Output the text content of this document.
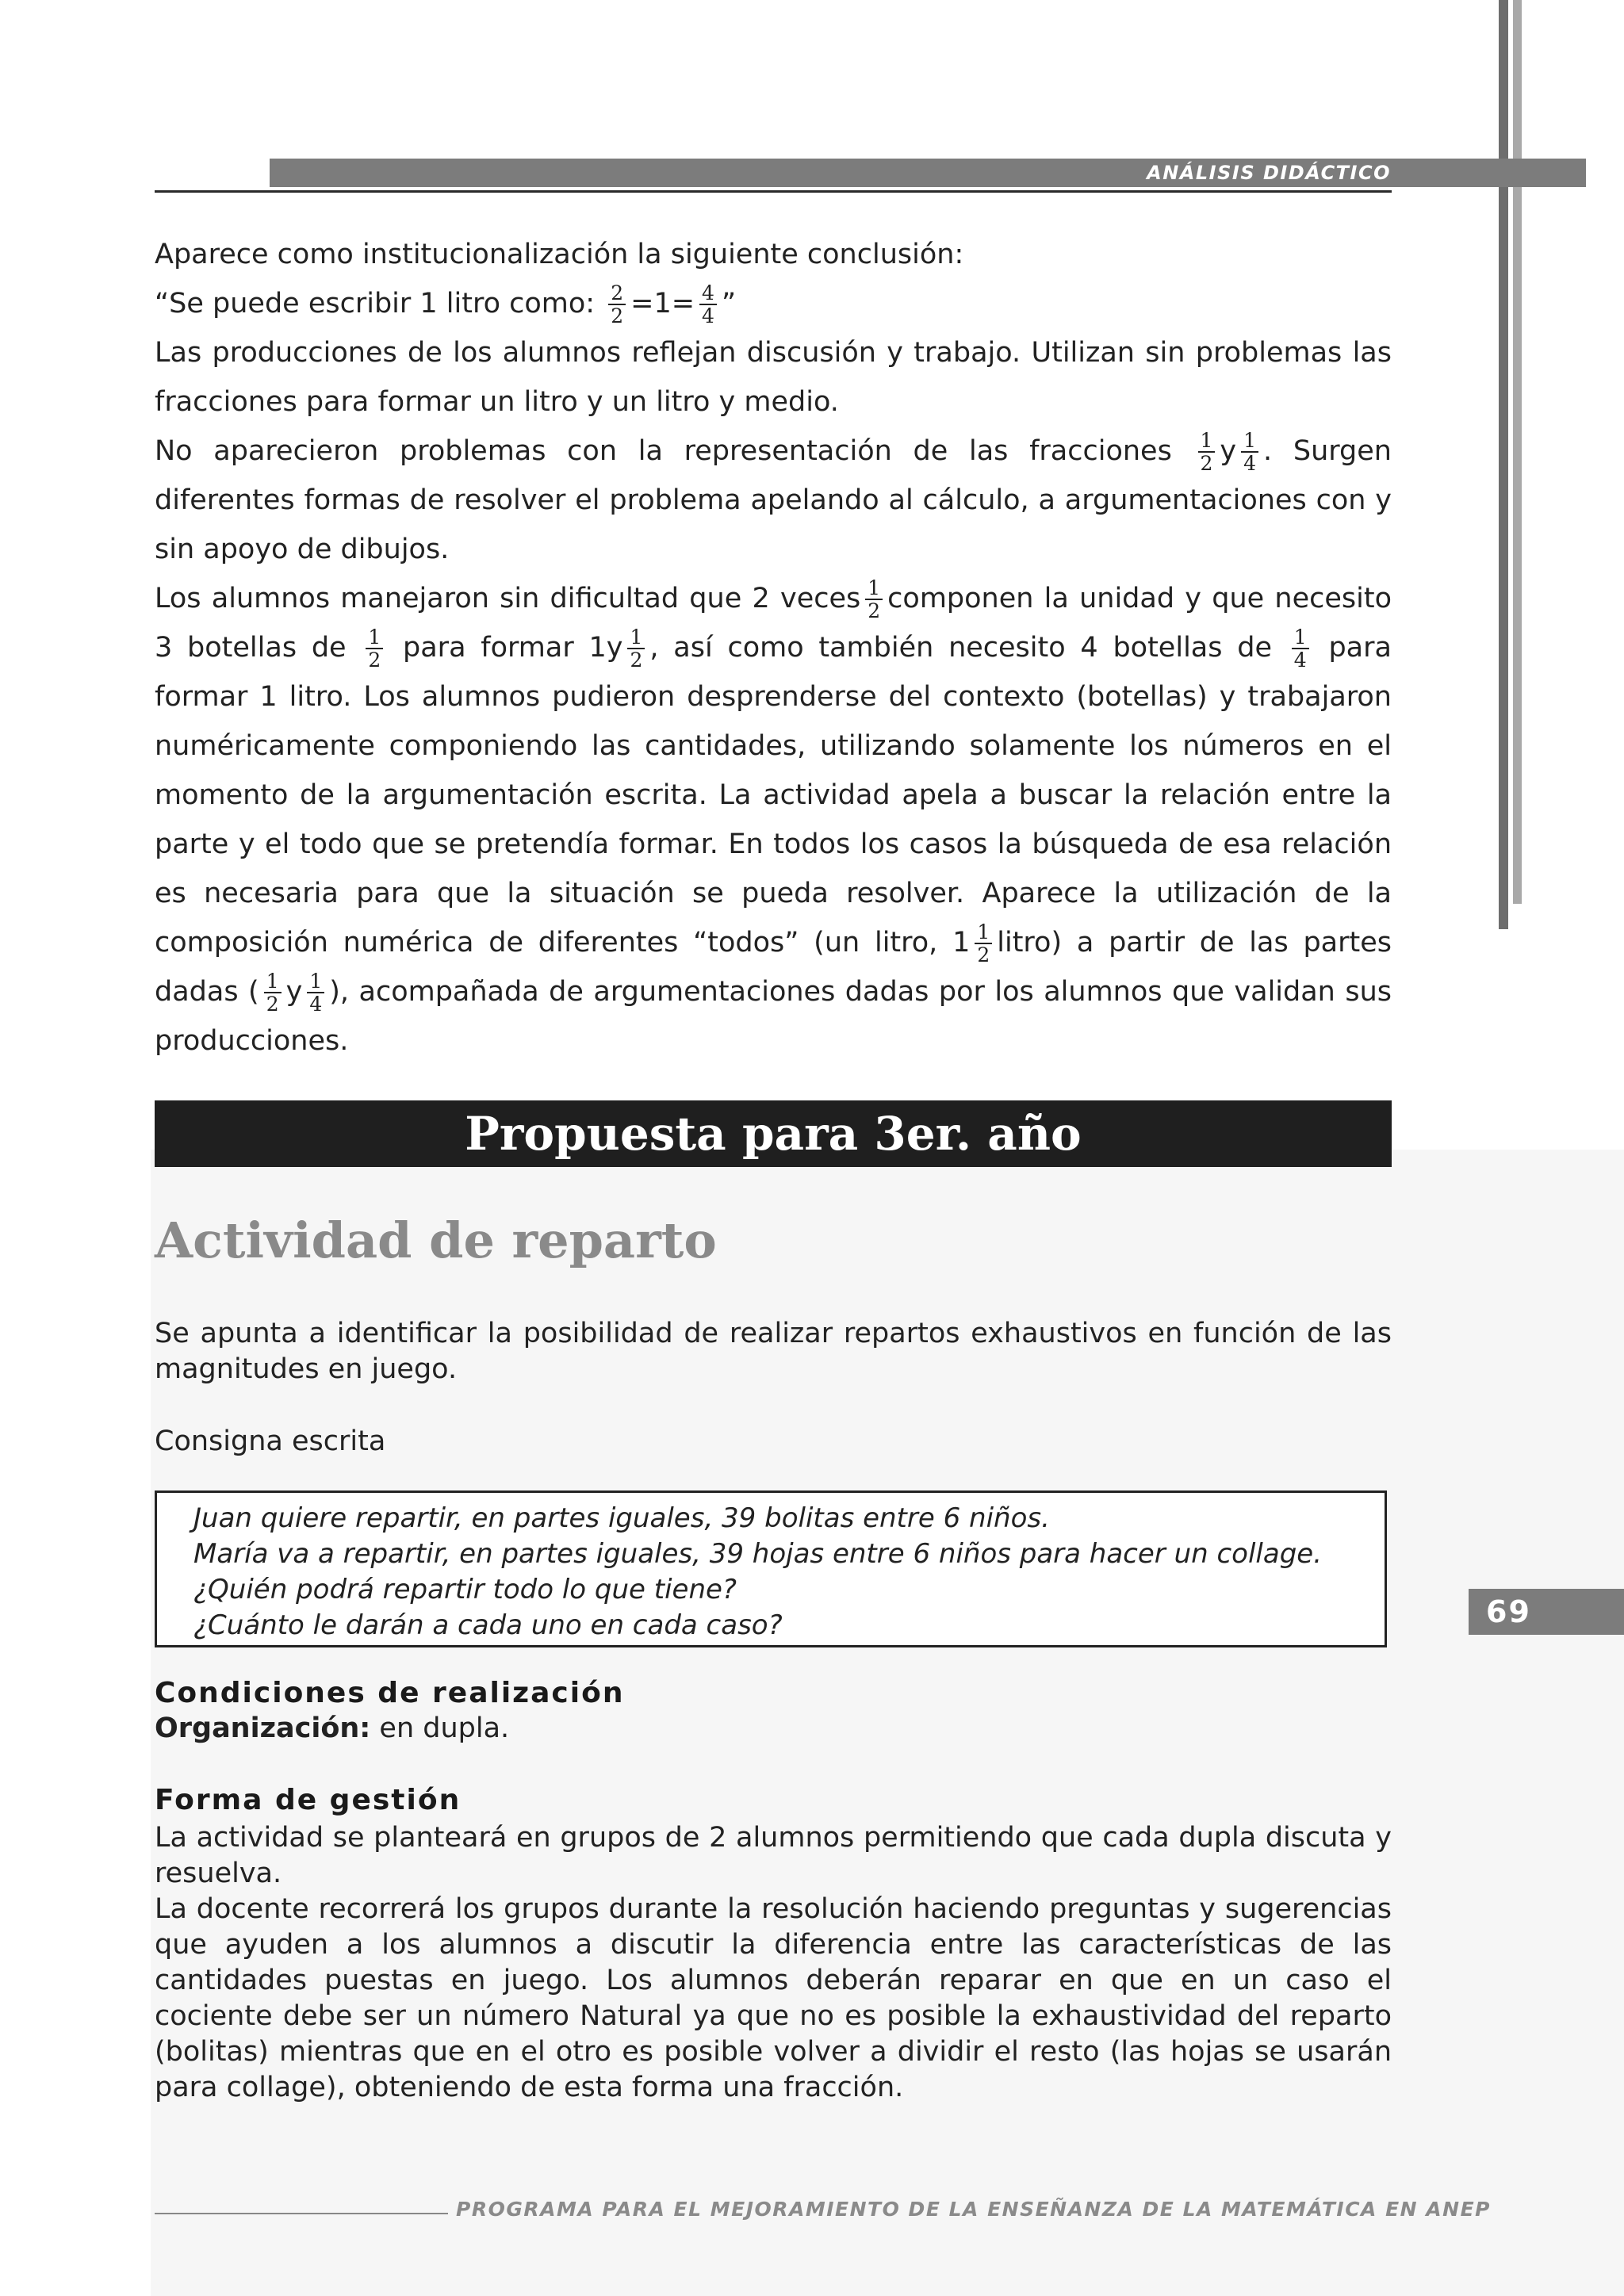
ANÁLISIS DIDÁCTICO
Aparece como institucionalización la siguiente conclusión:
“Se puede escribir 1 litro como: $\frac{2}{2} =1= \frac{4}{4}$ ”
Las producciones de los alumnos reflejan discusión y trabajo. Utilizan sin problemas las fracciones para formar un litro y un litro y medio.
No aparecieron problemas con la representación de las fracciones $\frac{1}{2}$ y $\frac{1}{4}$ . Surgen diferentes formas de resolver el problema apelando al cálculo, a argumentaciones con y sin apoyo de dibujos.
Los alumnos manejaron sin dificultad que 2 veces $\frac{1}{2}$ componen la unidad y que necesito 3 botellas de $\frac{1}{2}$ para formar $1y \frac{1}{2}$ , así como también necesito 4 botellas de $\frac{1}{4}$ para formar 1 litro. Los alumnos pudieron desprenderse del contexto (botellas) y trabajaron numéricamente componiendo las cantidades, utilizando solamente los números en el momento de la argumentación escrita. La actividad apela a buscar la relación entre la parte y el todo que se pretendía formar. En todos los casos la búsqueda de esa relación es necesaria para que la situación se pueda resolver. Aparece la utilización de la composición numérica de diferentes “todos” (un litro, $1 \frac{1}{2}$ litro) a partir de las partes dadas ( $\frac{1}{2}$ y $\frac{1}{4}$ ), acompañada de argumentaciones dadas por los alumnos que validan sus producciones.
Propuesta para 3er. año
Actividad de reparto
Se apunta a identificar la posibilidad de realizar repartos exhaustivos en función de las magnitudes en juego.
Consigna escrita
Juan quiere repartir, en partes iguales, 39 bolitas entre 6 niños.
María va a repartir, en partes iguales, 39 hojas entre 6 niños para hacer un collage.
¿Quién podrá repartir todo lo que tiene?
¿Cuánto le darán a cada uno en cada caso?
Condiciones de realización
Organización: en dupla.
Forma de gestión
La actividad se planteará en grupos de 2 alumnos permitiendo que cada dupla discuta y resuelva.
La docente recorrerá los grupos durante la resolución haciendo preguntas y sugerencias que ayuden a los alumnos a discutir la diferencia entre las características de las cantidades puestas en juego. Los alumnos deberán reparar en que en un caso el cociente debe ser un número Natural ya que no es posible la exhaustividad del reparto (bolitas) mientras que en el otro es posible volver a dividir el resto (las hojas se usarán para collage), obteniendo de esta forma una fracción.
69
PROGRAMA PARA EL MEJORAMIENTO DE LA ENSEÑANZA DE LA MATEMÁTICA EN ANEP
